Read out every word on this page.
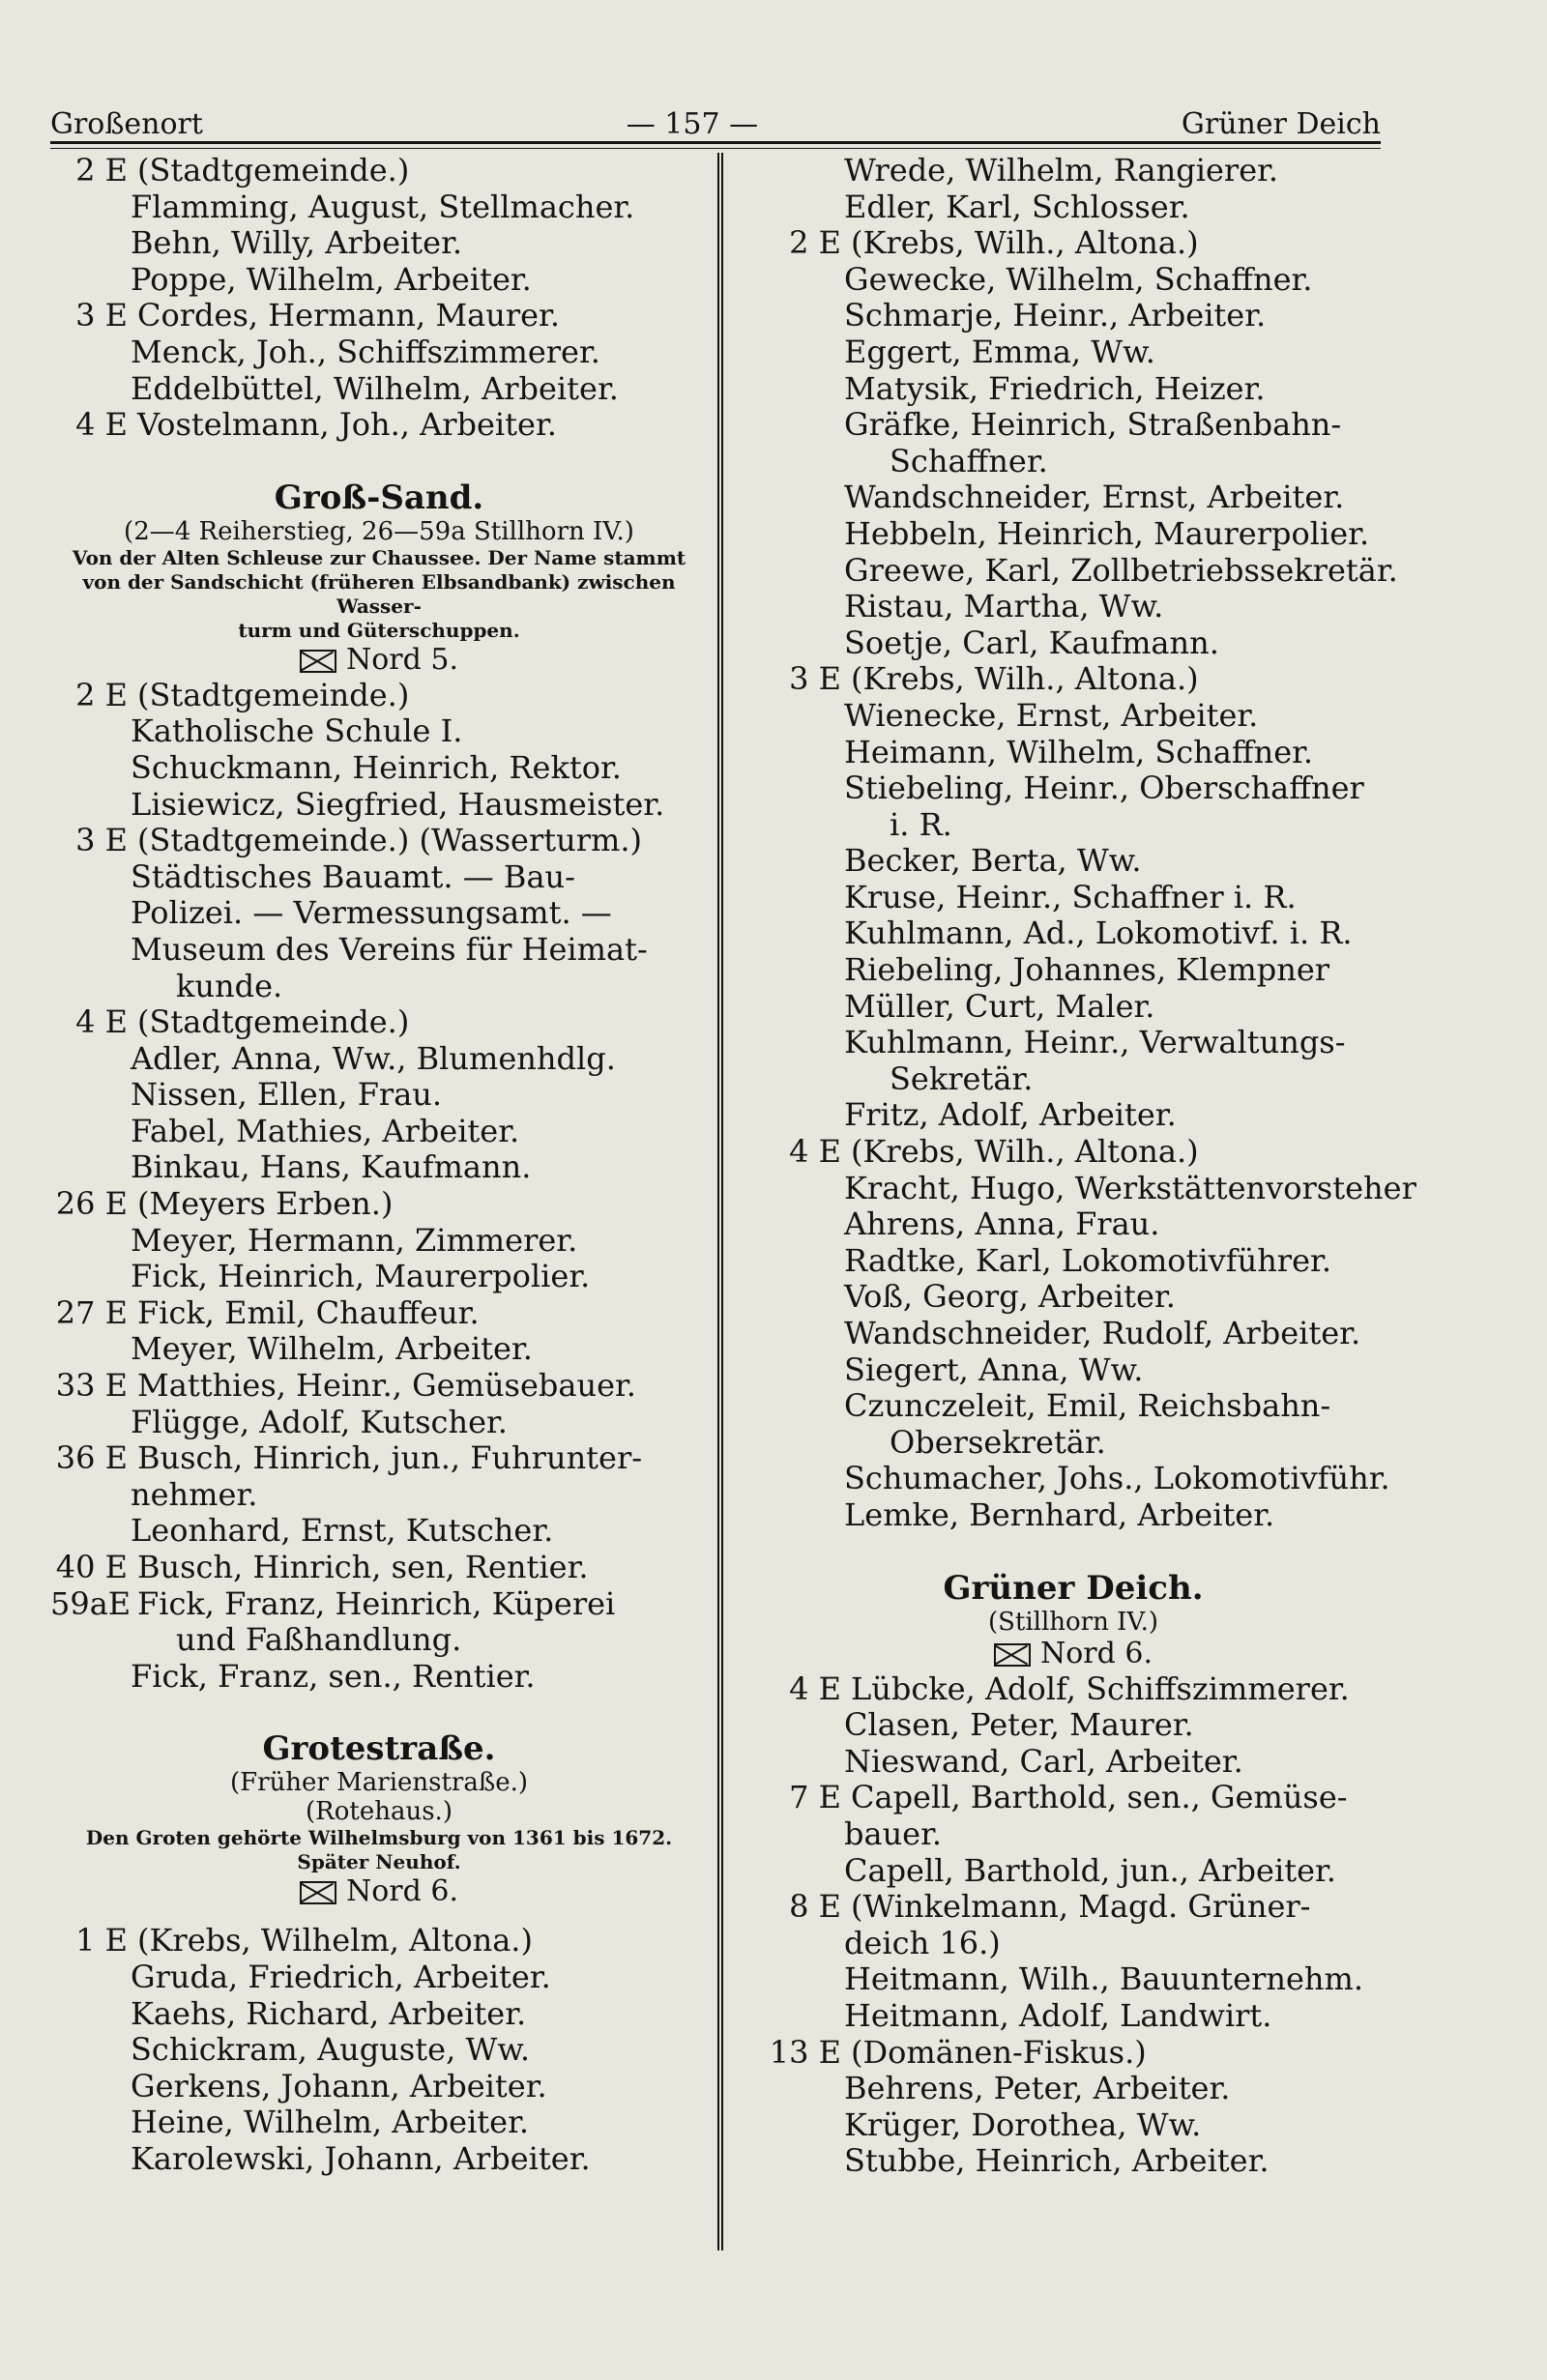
Großenort	— 157 —	Grüner Deich
2 E (Stadtgemeinde.)
Flamming, August, Stellmacher.
Behn, Willy, Arbeiter.
Poppe, Wilhelm, Arbeiter.
3 E Cordes, Hermann, Maurer.
Menck, Joh., Schiffszimmerer.
Eddelbüttel, Wilhelm, Arbeiter.
4 E Vostelmann, Joh., Arbeiter.
Groß-Sand.
(2—4 Reiherstieg, 26—59a Stillhorn IV.)
Von der Alten Schleuse zur Chaussee. Der Name stammt
von der Sandschicht (früheren Elbsandbank) zwischen Wasser-
turm und Güterschuppen.
Nord 5.
2 E (Stadtgemeinde.)
Katholische Schule I.
Schuckmann, Heinrich, Rektor.
Lisiewicz, Siegfried, Hausmeister.
3 E (Stadtgemeinde.) (Wasserturm.)
Städtisches Bauamt. — Bau-
Polizei. — Vermessungsamt. —
Museum des Vereins für Heimat-
kunde.
4 E (Stadtgemeinde.)
Adler, Anna, Ww., Blumenhdlg.
Nissen, Ellen, Frau.
Fabel, Mathies, Arbeiter.
Binkau, Hans, Kaufmann.
26 E (Meyers Erben.)
Meyer, Hermann, Zimmerer.
Fick, Heinrich, Maurerpolier.
27 E Fick, Emil, Chauffeur.
Meyer, Wilhelm, Arbeiter.
33 E Matthies, Heinr., Gemüsebauer.
Flügge, Adolf, Kutscher.
36 E Busch, Hinrich, jun., Fuhrunter-
nehmer.
Leonhard, Ernst, Kutscher.
40 E Busch, Hinrich, sen, Rentier.
59aE Fick, Franz, Heinrich, Küperei
und Faßhandlung.
Fick, Franz, sen., Rentier.
Grotestraße.
(Früher Marienstraße.)
(Rotehaus.)
Den Groten gehörte Wilhelmsburg von 1361 bis 1672.
Später Neuhof.
Nord 6.
1 E (Krebs, Wilhelm, Altona.)
Gruda, Friedrich, Arbeiter.
Kaehs, Richard, Arbeiter.
Schickram, Auguste, Ww.
Gerkens, Johann, Arbeiter.
Heine, Wilhelm, Arbeiter.
Karolewski, Johann, Arbeiter.
Wrede, Wilhelm, Rangierer.
Edler, Karl, Schlosser.
2 E (Krebs, Wilh., Altona.)
Gewecke, Wilhelm, Schaffner.
Schmarje, Heinr., Arbeiter.
Eggert, Emma, Ww.
Matysik, Friedrich, Heizer.
Gräfke, Heinrich, Straßenbahn-
Schaffner.
Wandschneider, Ernst, Arbeiter.
Hebbeln, Heinrich, Maurerpolier.
Greewe, Karl, Zollbetriebssekretär.
Ristau, Martha, Ww.
Soetje, Carl, Kaufmann.
3 E (Krebs, Wilh., Altona.)
Wienecke, Ernst, Arbeiter.
Heimann, Wilhelm, Schaffner.
Stiebeling, Heinr., Oberschaffner
i. R.
Becker, Berta, Ww.
Kruse, Heinr., Schaffner i. R.
Kuhlmann, Ad., Lokomotivf. i. R.
Riebeling, Johannes, Klempner
Müller, Curt, Maler.
Kuhlmann, Heinr., Verwaltungs-
Sekretär.
Fritz, Adolf, Arbeiter.
4 E (Krebs, Wilh., Altona.)
Kracht, Hugo, Werkstättenvorsteher
Ahrens, Anna, Frau.
Radtke, Karl, Lokomotivführer.
Voß, Georg, Arbeiter.
Wandschneider, Rudolf, Arbeiter.
Siegert, Anna, Ww.
Czunczeleit, Emil, Reichsbahn-
Obersekretär.
Schumacher, Johs., Lokomotivführ.
Lemke, Bernhard, Arbeiter.
Grüner Deich.
(Stillhorn IV.)
Nord 6.
4 E Lübcke, Adolf, Schiffszimmerer.
Clasen, Peter, Maurer.
Nieswand, Carl, Arbeiter.
7 E Capell, Barthold, sen., Gemüse-
bauer.
Capell, Barthold, jun., Arbeiter.
8 E (Winkelmann, Magd. Grüner-
deich 16.)
Heitmann, Wilh., Bauunternehm.
Heitmann, Adolf, Landwirt.
13 E (Domänen-Fiskus.)
Behrens, Peter, Arbeiter.
Krüger, Dorothea, Ww.
Stubbe, Heinrich, Arbeiter.
